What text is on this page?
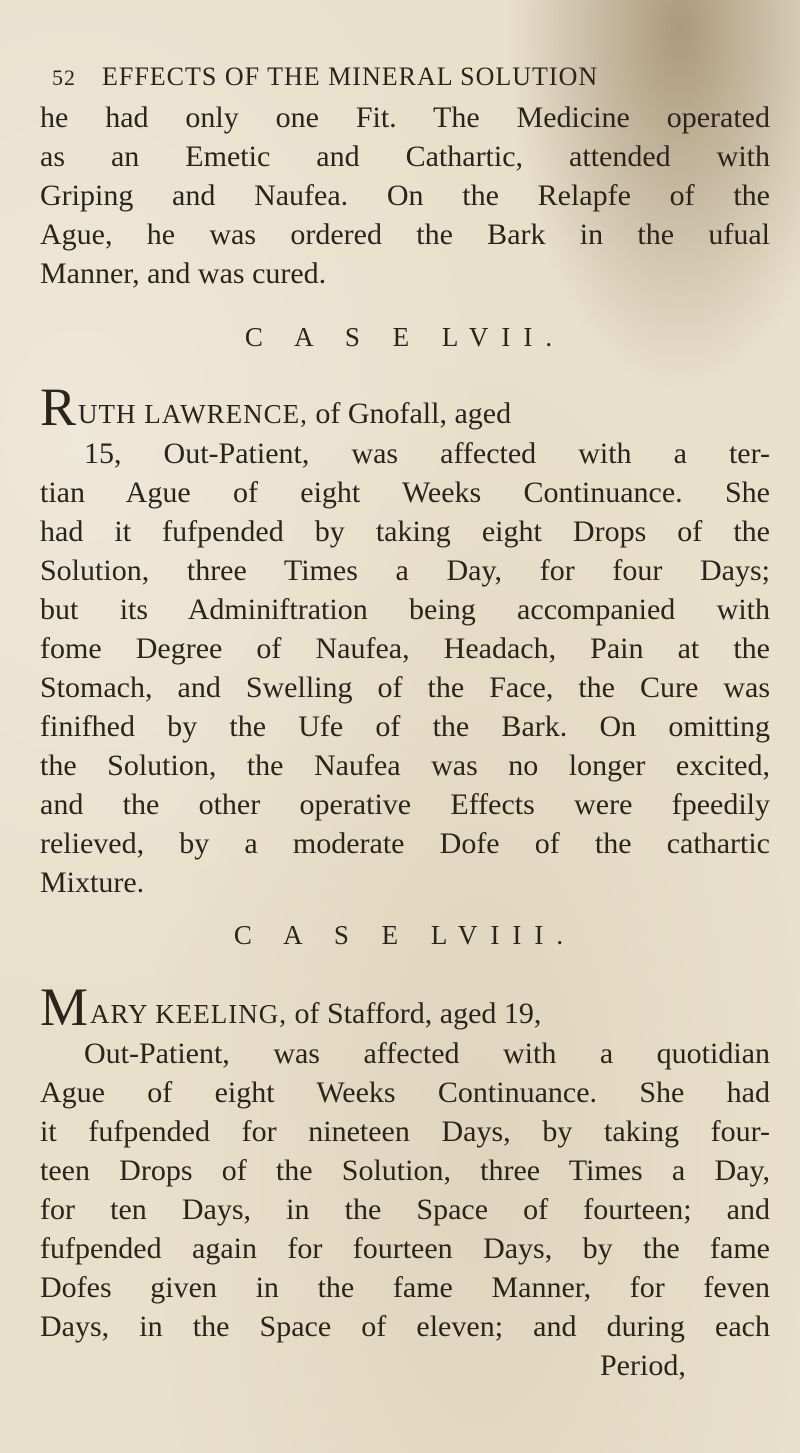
52 EFFECTS OF THE MINERAL SOLUTION
he had only one Fit. The Medicine operated
as an Emetic and Cathartic, attended with
Griping and Naufea. On the Relapfe of the
Ague, he was ordered the Bark in the ufual
Manner, and was cured.
C A S E LVII.
RUTH LAWRENCE, of Gnofall, aged
15, Out-Patient, was affected with a ter-
tian Ague of eight Weeks Continuance. She
had it fufpended by taking eight Drops of the
Solution, three Times a Day, for four Days;
but its Adminiftration being accompanied with
fome Degree of Naufea, Headach, Pain at the
Stomach, and Swelling of the Face, the Cure was
finifhed by the Ufe of the Bark. On omitting
the Solution, the Naufea was no longer excited,
and the other operative Effects were fpeedily
relieved, by a moderate Dofe of the cathartic
Mixture.
C A S E LVIII.
MARY KEELING, of Stafford, aged 19,
Out-Patient, was affected with a quotidian
Ague of eight Weeks Continuance. She had
it fufpended for nineteen Days, by taking four-
teen Drops of the Solution, three Times a Day,
for ten Days, in the Space of fourteen; and
fufpended again for fourteen Days, by the fame
Dofes given in the fame Manner, for feven
Days, in the Space of eleven; and during each
Period,
